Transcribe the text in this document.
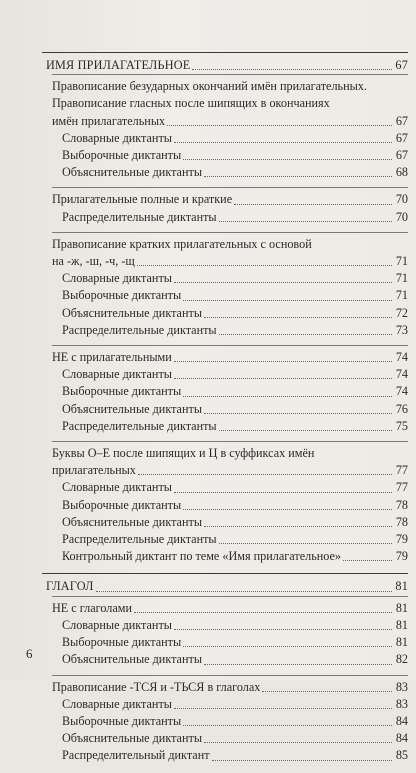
ИМЯ ПРИЛАГАТЕЛЬНОЕ	67
Правописание безударных окончаний имён прилагательных.
Правописание гласных после шипящих в окончаниях
имён прилагательных	67
Словарные диктанты	67
Выборочные диктанты	67
Объяснительные диктанты	68
Прилагательные полные и краткие	70
Распределительные диктанты	70
Правописание кратких прилагательных с основой
на -ж, -ш, -ч, -щ	71
Словарные диктанты	71
Выборочные диктанты	71
Объяснительные диктанты	72
Распределительные диктанты	73
НЕ с прилагательными	74
Словарные диктанты	74
Выборочные диктанты	74
Объяснительные диктанты	76
Распределительные диктанты	75
Буквы О–Е после шипящих и Ц в суффиксах имён
прилагательных	77
Словарные диктанты	77
Выборочные диктанты	78
Объяснительные диктанты	78
Распределительные диктанты	79
Контрольный диктант по теме «Имя прилагательное»	79
ГЛАГОЛ	81
НЕ с глаголами	81
Словарные диктанты	81
Выборочные диктанты	81
Объяснительные диктанты	82
Правописание -ТСЯ и -ТЬСЯ в глаголах	83
Словарные диктанты	83
Выборочные диктанты	84
Объяснительные диктанты	84
Распределительный диктант	85
6
